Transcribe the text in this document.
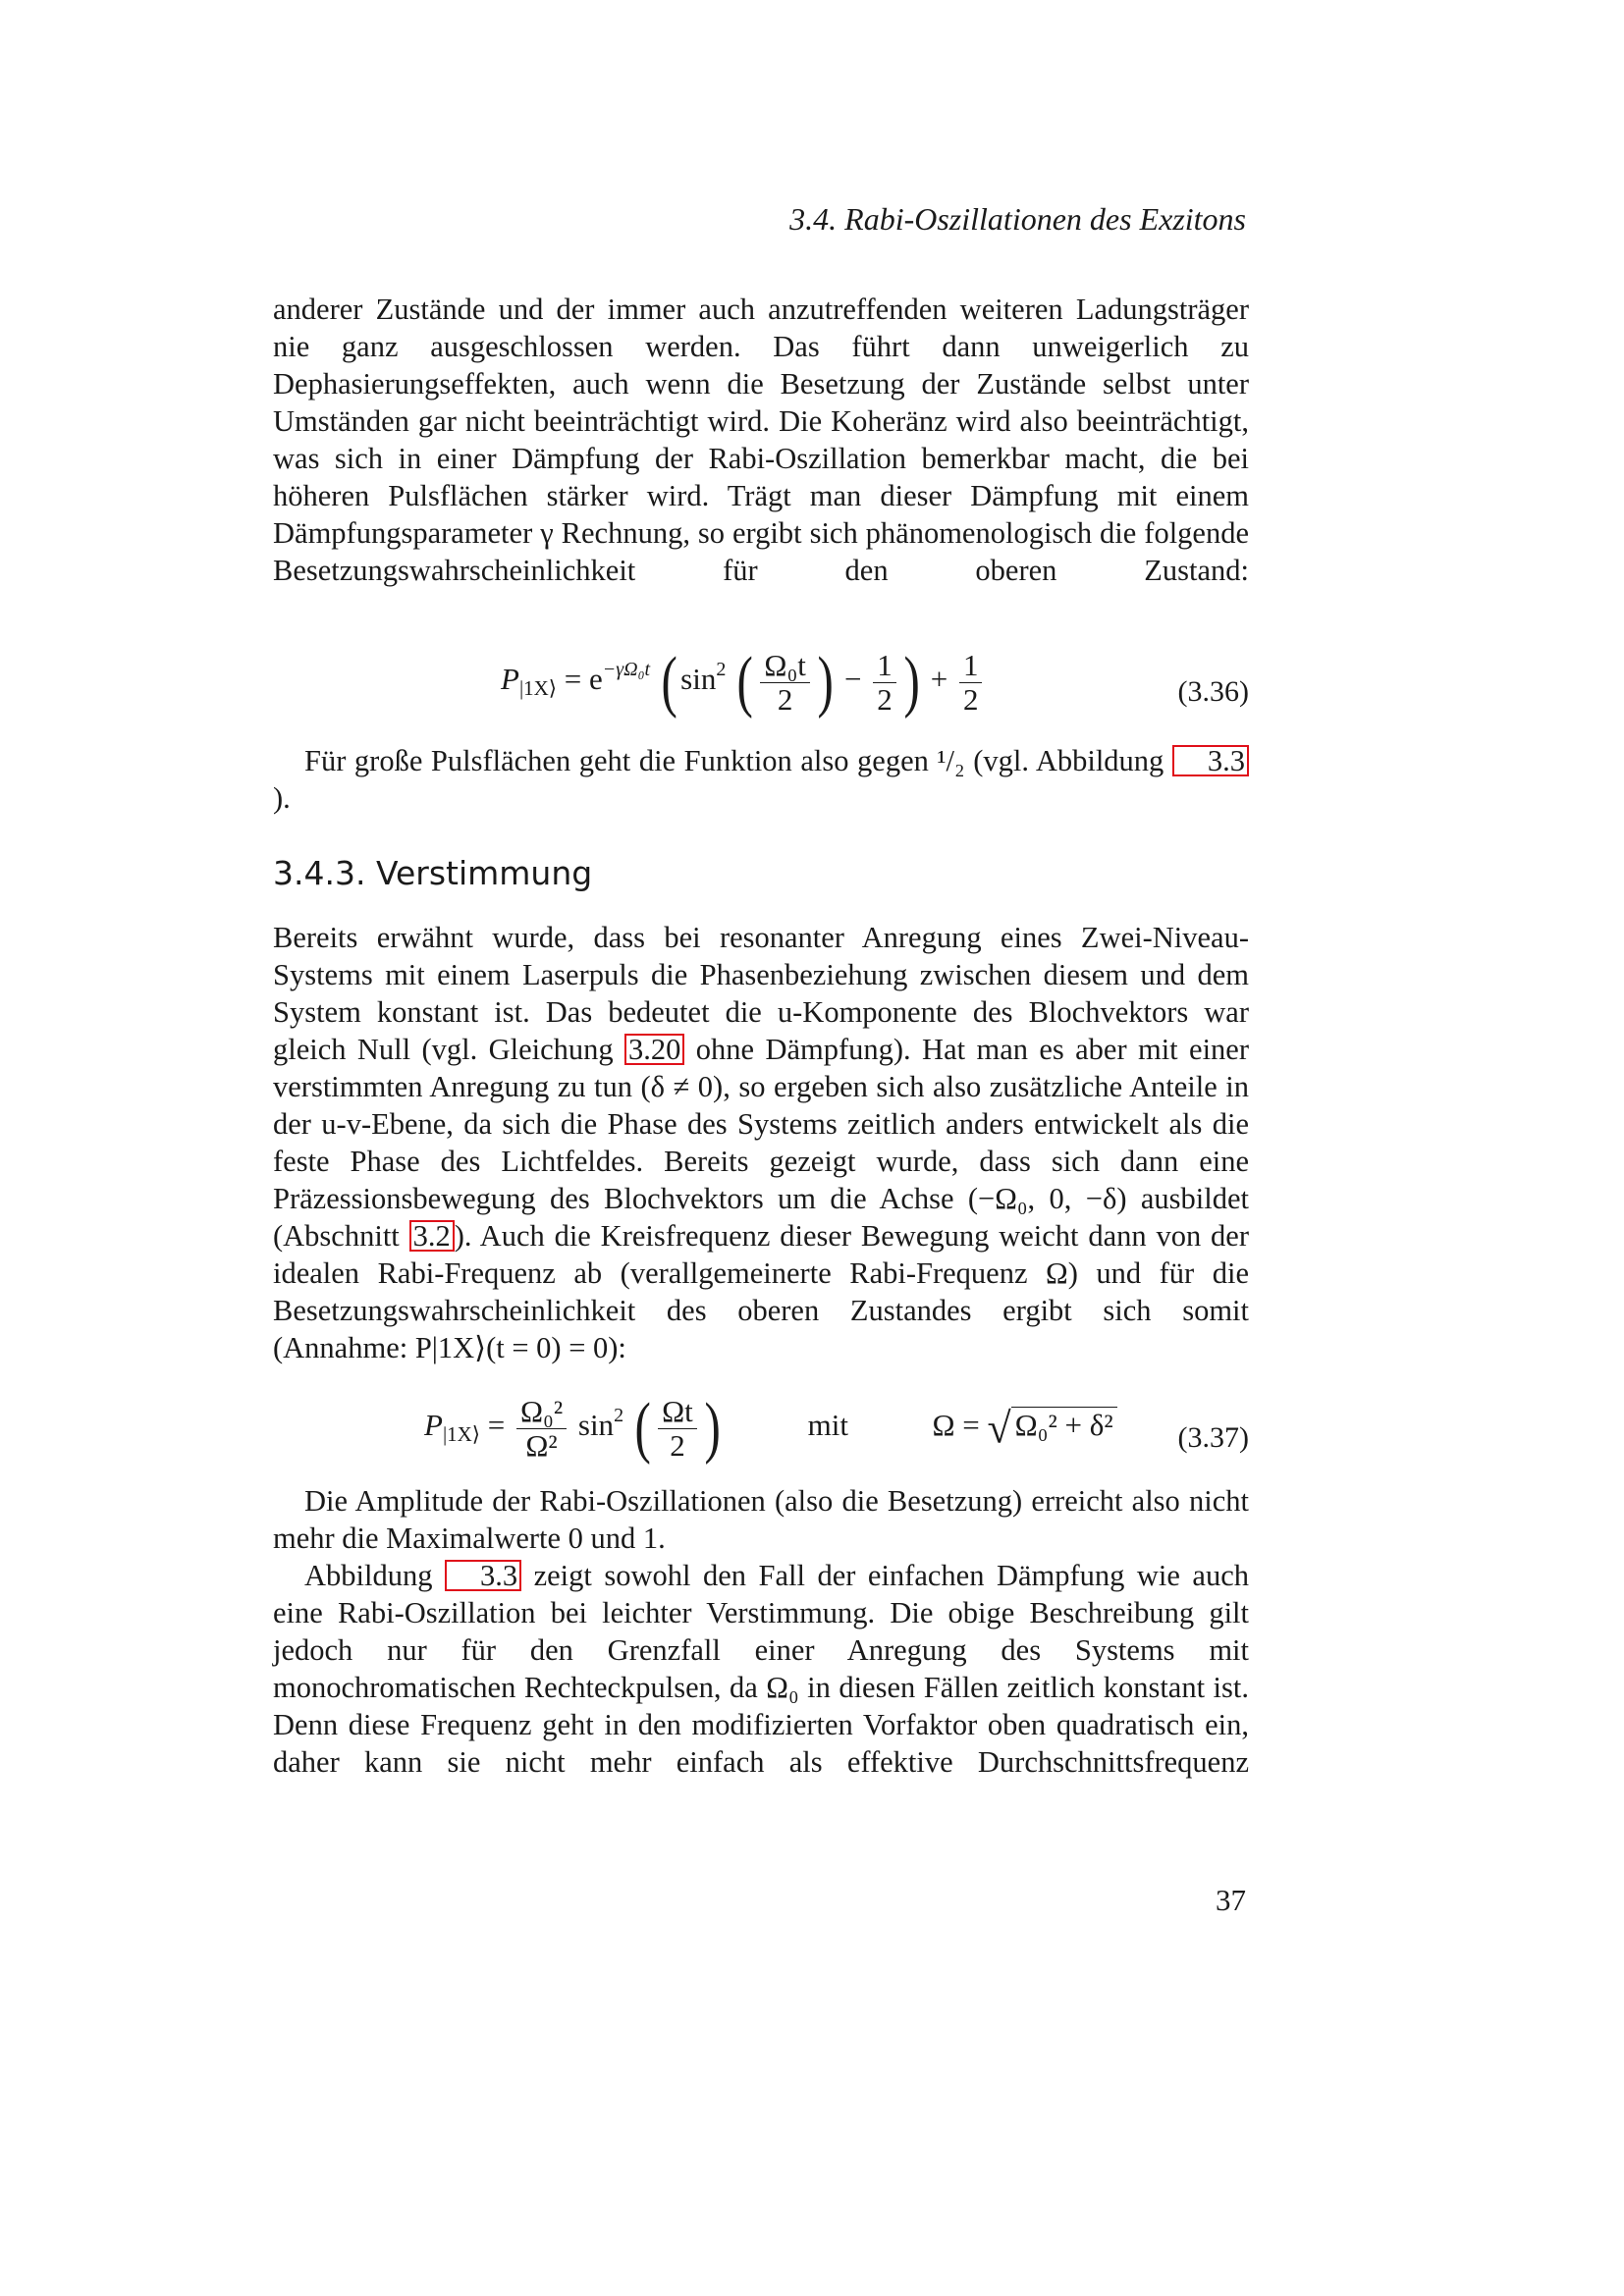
3.4. Rabi-Oszillationen des Exzitons

anderer Zustände und der immer auch anzutreffenden weiteren Ladungsträger nie ganz ausgeschlossen werden. Das führt dann unweigerlich zu Dephasierungseffekten, auch wenn die Besetzung der Zustände selbst unter Umständen gar nicht beeinträchtigt wird. Die Koheränz wird also beeinträchtigt, was sich in einer Dämpfung der Rabi-Oszillation bemerkbar macht, die bei höheren Pulsflächen stärker wird. Trägt man dieser Dämpfung mit einem Dämpfungsparameter γ Rechnung, so ergibt sich phänomenologisch die folgende Besetzungswahrscheinlichkeit für den oberen Zustand:

$P_{|1X⟩} = e^{-\gamma\Omega_0t}$ ( $\sin^2$ ( $\frac{\text{Ω₀t}}{2}$ ) − $\frac{1}{2}$ ) + $\frac{1}{2}$	(3.36)

Für große Pulsflächen geht die Funktion also gegen ¹/₂ (vgl. Abbildung 3.3).

3.4.3. Verstimmung

Bereits erwähnt wurde, dass bei resonanter Anregung eines Zwei-Niveau-Systems mit einem Laserpuls die Phasenbeziehung zwischen diesem und dem System konstant ist. Das bedeutet die u-Komponente des Blochvektors war gleich Null (vgl. Gleichung 3.20 ohne Dämpfung). Hat man es aber mit einer verstimmten Anregung zu tun (δ ≠ 0), so ergeben sich also zusätzliche Anteile in der u-v-Ebene, da sich die Phase des Systems zeitlich anders entwickelt als die feste Phase des Lichtfeldes. Bereits gezeigt wurde, dass sich dann eine Präzessionsbewegung des Blochvektors um die Achse (−Ω₀, 0, −δ) ausbildet (Abschnitt 3.2 ). Auch die Kreisfrequenz dieser Bewegung weicht dann von der idealen Rabi-Frequenz ab (verallgemeinerte Rabi-Frequenz Ω) und für die Besetzungswahrscheinlichkeit des oberen Zustandes ergibt sich somit (Annahme: P|1X⟩(t = 0) = 0):

$P_{|1X⟩} = \frac{\text{Ω₀²}}{\text{Ω²}} \sin^2$ ( $\frac{\Omega t}{2}$ )	mit	Ω = √ Ω₀² + δ² (3.37)

Die Amplitude der Rabi-Oszillationen (also die Besetzung) erreicht also nicht mehr die Maximalwerte 0 und 1.

Abbildung 3.3 zeigt sowohl den Fall der einfachen Dämpfung wie auch eine Rabi-Oszillation bei leichter Verstimmung. Die obige Beschreibung gilt jedoch nur für den Grenzfall einer Anregung des Systems mit monochromatischen Rechteckpulsen, da Ω₀ in diesen Fällen zeitlich konstant ist. Denn diese Frequenz geht in den modifizierten Vorfaktor oben quadratisch ein, daher kann sie nicht mehr einfach als effektive Durchschnittsfrequenz

37
